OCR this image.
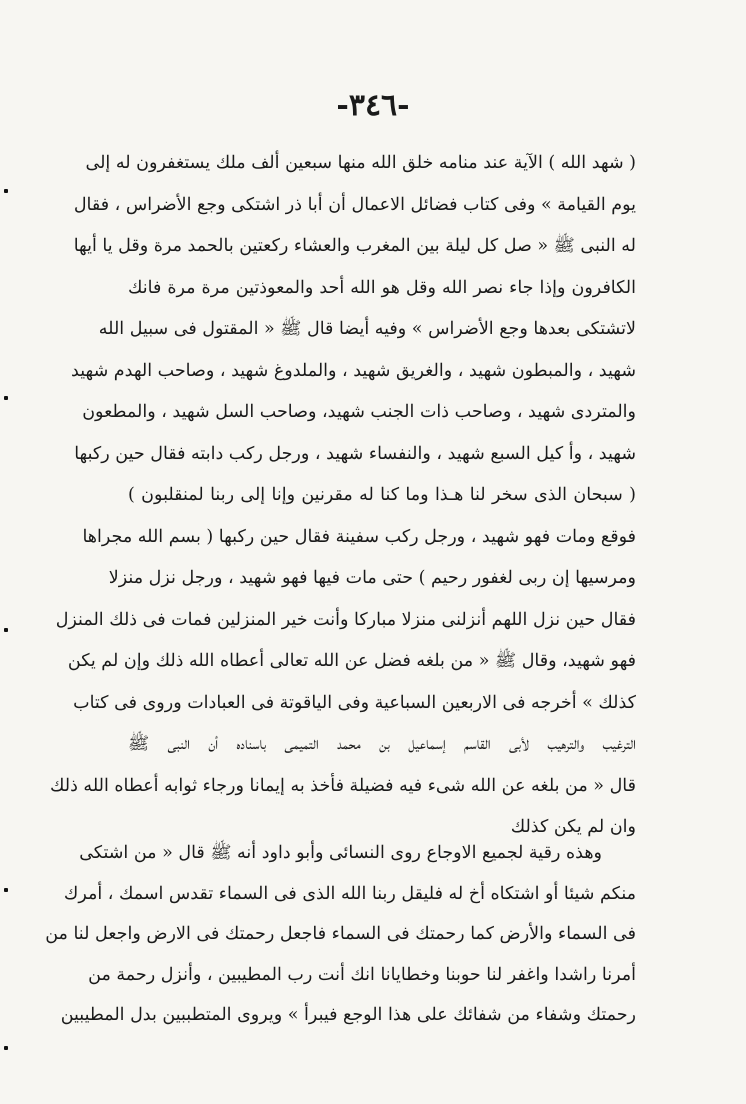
-٣٤٦-
( شهد الله ) الآية عند منامه خلق الله منها سبعين ألف ملك يستغفرون له إلى
يوم القيامة » وفى كتاب فضائل الاعمال أن أبا ذر اشتكى وجع الأضراس ، فقال
له النبى ﷺ « صل كل ليلة بين المغرب والعشاء ركعتين بالحمد مرة وقل يا أيها
الكافرون وإذا جاء نصر الله وقل هو الله أحد والمعوذتين مرة مرة فانك
لاتشتكى بعدها وجع الأضراس » وفيه أيضا قال ﷺ « المقتول فى سبيل الله
شهيد ، والمبطون شهيد ، والغريق شهيد ، والملدوغ شهيد ، وصاحب الهدم شهيد
والمتردى شهيد ، وصاحب ذات الجنب شهيد، وصاحب السل شهيد ، والمطعون
شهيد ، وأ كيل السبع شهيد ، والنفساء شهيد ، ورجل ركب دابته فقال حين ركبها
( سبحان الذى سخر لنا هـذا وما كنا له مقرنين وإنا إلى ربنا لمنقلبون )
فوقع ومات فهو شهيد ، ورجل ركب سفينة فقال حين ركبها ( بسم الله مجراها
ومرسيها إن ربى لغفور رحيم ) حتى مات فيها فهو شهيد ، ورجل نزل منزلا
فقال حين نزل اللهم أنزلنى منزلا مباركا وأنت خير المنزلين فمات فى ذلك المنزل
فهو شهيد، وقال ﷺ « من بلغه فضل عن الله تعالى أعطاه الله ذلك وإن لم يكن
كذلك » أخرجه فى الاربعين السباعية وفى الياقوتة فى العبادات وروى فى كتاب
الترغيب والترهيب لأبى القاسم إسماعيل بن محمد التميمى باسناده أن النبى ﷺ
قال « من بلغه عن الله شىء فيه فضيلة فأخذ به إيمانا ورجاء ثوابه أعطاه الله ذلك
وان لم يكن كذلك
وهذه رقية لجميع الاوجاع روى النسائى وأبو داود أنه ﷺ قال « من اشتكى
منكم شيئا أو اشتكاه أخ له فليقل ربنا الله الذى فى السماء تقدس اسمك ، أمرك
فى السماء والأرض كما رحمتك فى السماء فاجعل رحمتك فى الارض واجعل لنا من
أمرنا راشدا واغفر لنا حوبنا وخطايانا انك أنت رب المطيبين ، وأنزل رحمة من
رحمتك وشفاء من شفائك على هذا الوجع فيبرأ » ويروى المتطببين بدل المطيبين
